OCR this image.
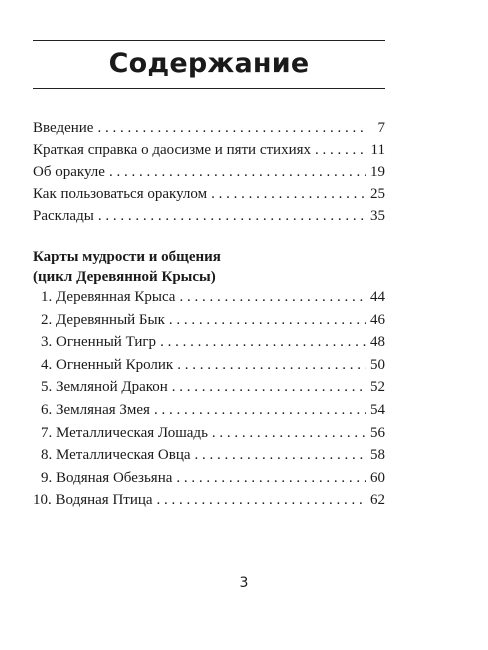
Содержание
Введение . . .	7
Краткая справка о даосизме и пяти стихиях . . .	11
Об оракуле . . .	19
Как пользоваться оракулом . . .	25
Расклады . . .	35
Карты мудрости и общения
(цикл Деревянной Крысы)
1. Деревянная Крыса . . .	44
2. Деревянный Бык . . .	46
3. Огненный Тигр . . .	48
4. Огненный Кролик . . .	50
5. Земляной Дракон . . .	52
6. Земляная Змея . . .	54
7. Металлическая Лошадь . . .	56
8. Металлическая Овца . . .	58
9. Водяная Обезьяна . . .	60
10. Водяная Птица . . .	62
3
